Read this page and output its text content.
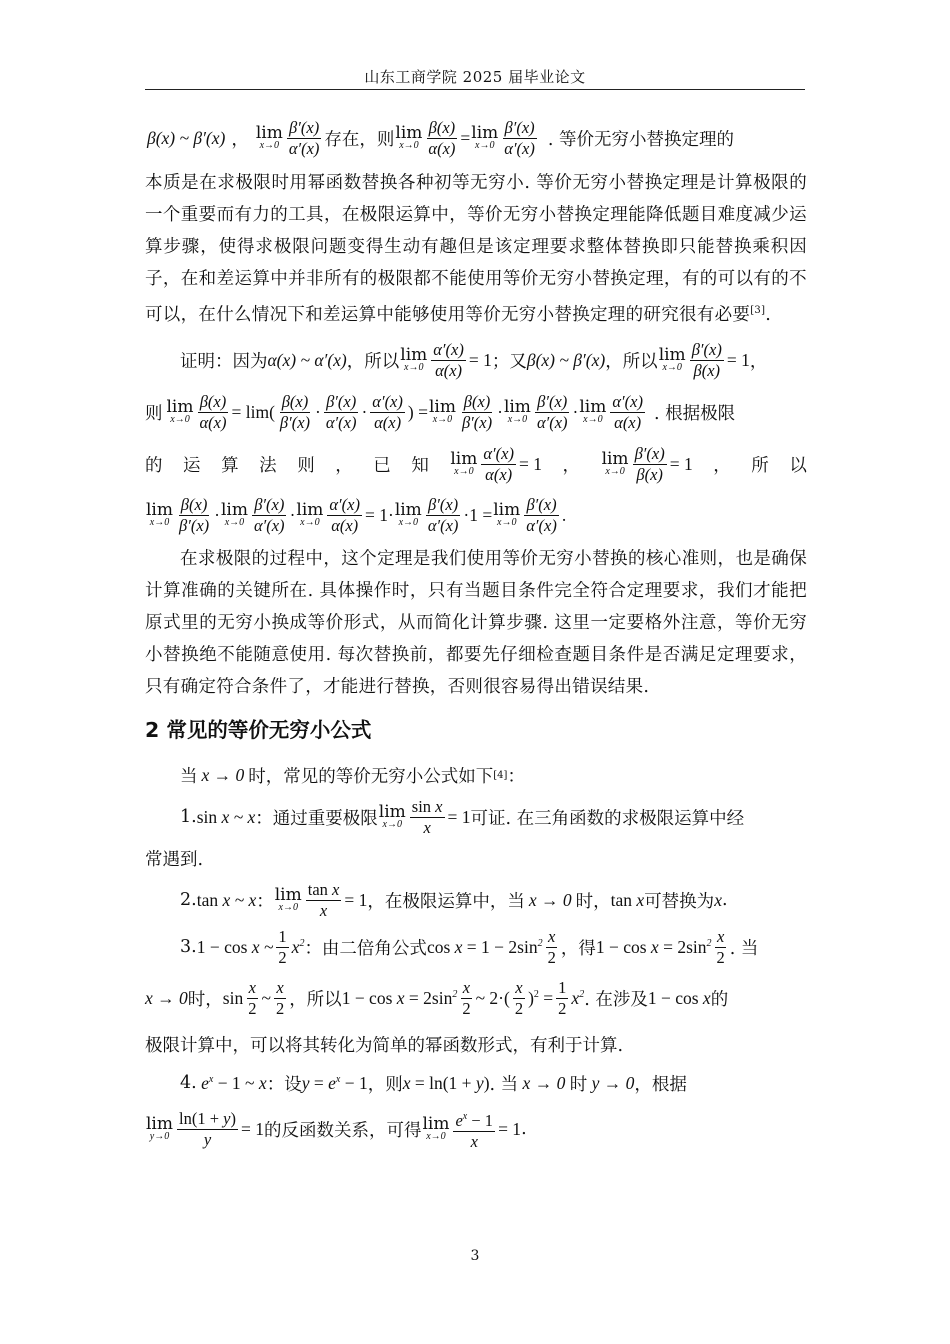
山东工商学院 2025 届毕业论文
β(x) ~ β′(x) ， lim
$x\to 0 \frac{\beta'(x)}{\alpha'(x)}$ 存在，则 lim
$x\to 0 \frac{\beta(x)}{\alpha(x)} = \lim$
$x\to 0 \frac{\beta'(x)}{\alpha'(x)}$ . 等价无穷小替换定理的

本质是在求极限时用幂函数替换各种初等无穷小. 等价无穷小替换定理是计算极限的一个重要而有力的工具，在极限运算中，等价无穷小替换定理能降低题目难度减少运算步骤，使得求极限问题变得生动有趣但是该定理要求整体替换即只能替换乘积因子，在和差运算中并非所有的极限都不能使用等价无穷小替换定理，有的可以有的不可以，在什么情况下和差运算中能够使用等价无穷小替换定理的研究很有必要[3].

证明：因为 α(x) ~ α′(x) ，所以 lim
$x\to 0 \frac{\alpha'(x)}{\alpha(x)} = 1$ ；又 β(x) ~ β′(x) ，所以 lim
$x\to 0 \frac{\beta'(x)}{\beta(x)} = 1$ ，
则 lim
$x\to 0 \frac{\beta(x)}{\alpha(x)} = \lim( \frac{\beta(x)}{\beta'(x)} \cdot \frac{\beta'(x)}{\alpha'(x)} \cdot \frac{\alpha'(x)}{\alpha(x)}$ ) = lim
$x\to 0 \frac{\beta(x)}{\beta'(x)} \cdot \lim$
$x\to 0 \frac{\beta'(x)}{\alpha'(x)} \cdot \lim$
$x\to 0 \frac{\alpha'(x)}{\alpha(x)}$ . 根据极限
的 运 算 法 则 ， 已 知 lim
$x\to 0 \frac{\alpha'(x)}{\alpha(x)} = 1$ ， lim
$x\to 0 \frac{\beta'(x)}{\beta(x)} = 1$ ， 所 以
lim
$x\to 0 \frac{\beta(x)}{\beta'(x)} \cdot \lim$
$x\to 0 \frac{\beta'(x)}{\alpha'(x)} \cdot \lim$
$x\to 0 \frac{\alpha'(x)}{\alpha(x)} = 1\cdot \lim$
$x\to 0 \frac{\beta'(x)}{\alpha'(x)} \cdot 1 = \lim$
$x\to 0 \frac{\beta'(x)}{\alpha'(x)}$ .

在求极限的过程中，这个定理是我们使用等价无穷小替换的核心准则，也是确保计算准确的关键所在. 具体操作时，只有当题目条件完全符合定理要求，我们才能把原式里的无穷小换成等价形式，从而简化计算步骤. 这里一定要格外注意，等价无穷小替换绝不能随意使用. 每次替换前，都要先仔细检查题目条件是否满足定理要求，只有确定符合条件了，才能进行替换，否则很容易得出错误结果.

2 常见的等价无穷小公式
当 x → 0 时，常见的等价无穷小公式如下 [4] ：
1. sin x ~ x ：通过重要极限 lim
$x\to 0 \frac{\text{sin x}}{x} = 1$ 可证. 在三角函数的求极限运算中经
常遇到.
2. tan x ~ x ： lim
$x\to 0 \frac{\text{tan x}}{x} = 1$ ，在极限运算中，当 x → 0 时， tan x 可替换为 x .
3. 1 − cos x ~ $\frac{1}{2} x^2$ ：由二倍角公式 $\cos x = 1 - 2\sin^2 \frac{x}{2}$ ，得 $1 - \cos x = 2\sin^2 \frac{x}{2}$ . 当
x → 0 时， $\sin \frac{x}{2}$ ~ $\frac{x}{2}$ ，所以 $1 - \cos x = 2\sin^2 \frac{x}{2}$ ~ $2\cdot( \frac{x}{2} )^2 = \frac{1}{2} x^2$ . 在涉及 1 − cos x 的
极限计算中，可以将其转化为简单的幂函数形式，有利于计算.
4. $e^x - 1$ ~ x ：设 $y = e^x - 1$ ，则 x = ln(1 + y) . 当 x → 0 时 y → 0 ，根据
lim
$y\to 0 \frac{\ln(1 + y)}{y} = 1$ 的反函数关系，可得 lim
$x\to 0 \frac{e^x - 1}{x} = 1$ .
3
